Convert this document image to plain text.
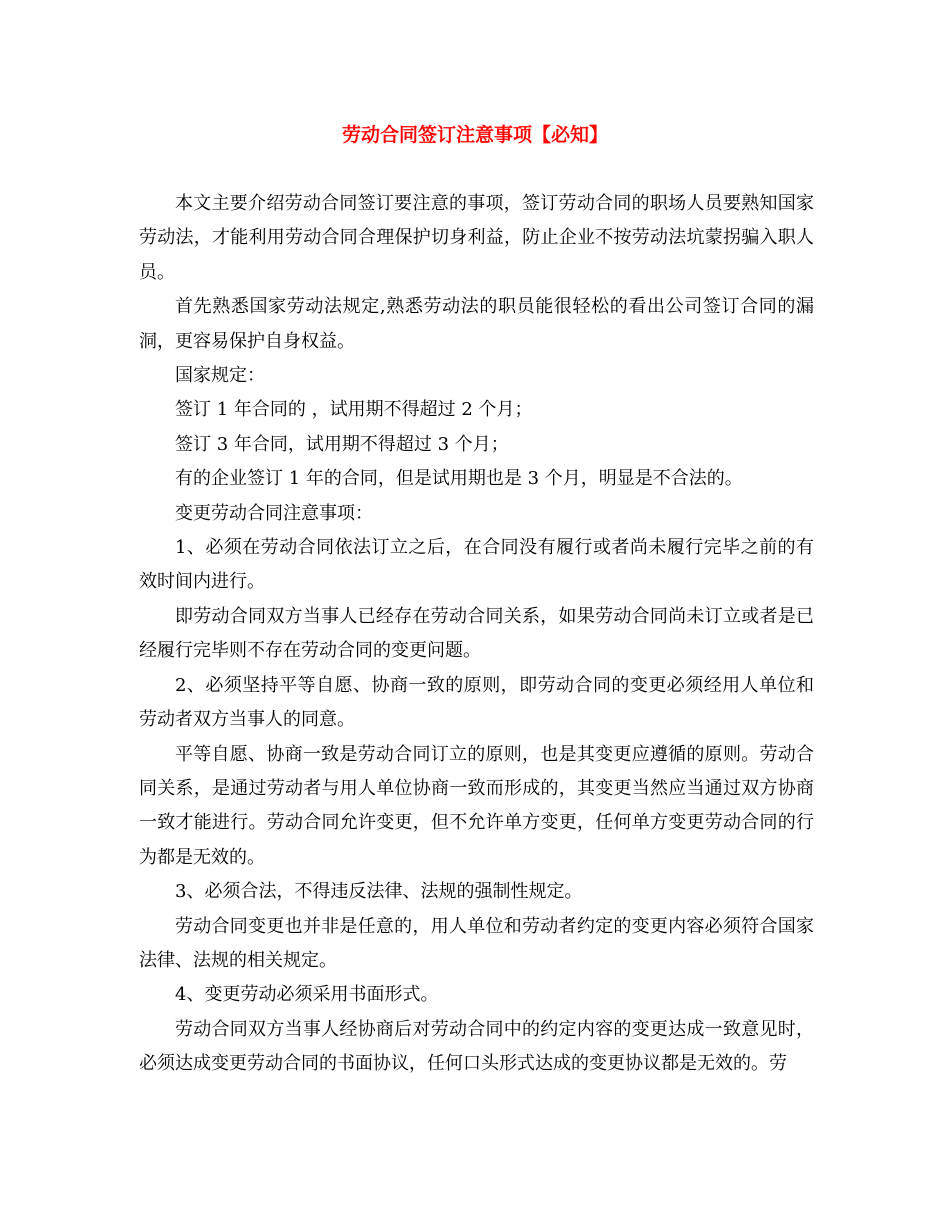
劳动合同签订注意事项【必知】

本文主要介绍劳动合同签订要注意的事项，签订劳动合同的职场人员要熟知国家劳动法，才能利用劳动合同合理保护切身利益，防止企业不按劳动法坑蒙拐骗入职人员。

首先熟悉国家劳动法规定,熟悉劳动法的职员能很轻松的看出公司签订合同的漏洞，更容易保护自身权益。

国家规定：

签订 1 年合同的 ，试用期不得超过 2 个月；

签订 3 年合同，试用期不得超过 3 个月；

有的企业签订 1 年的合同，但是试用期也是 3 个月，明显是不合法的。

变更劳动合同注意事项：

1、必须在劳动合同依法订立之后，在合同没有履行或者尚未履行完毕之前的有效时间内进行。

即劳动合同双方当事人已经存在劳动合同关系，如果劳动合同尚未订立或者是已经履行完毕则不存在劳动合同的变更问题。

2、必须坚持平等自愿、协商一致的原则，即劳动合同的变更必须经用人单位和劳动者双方当事人的同意。

平等自愿、协商一致是劳动合同订立的原则，也是其变更应遵循的原则。劳动合同关系，是通过劳动者与用人单位协商一致而形成的，其变更当然应当通过双方协商一致才能进行。劳动合同允许变更，但不允许单方变更，任何单方变更劳动合同的行为都是无效的。

3、必须合法，不得违反法律、法规的强制性规定。

劳动合同变更也并非是任意的，用人单位和劳动者约定的变更内容必须符合国家法律、法规的相关规定。

4、变更劳动必须采用书面形式。

劳动合同双方当事人经协商后对劳动合同中的约定内容的变更达成一致意见时，必须达成变更劳动合同的书面协议，任何口头形式达成的变更协议都是无效的。劳
